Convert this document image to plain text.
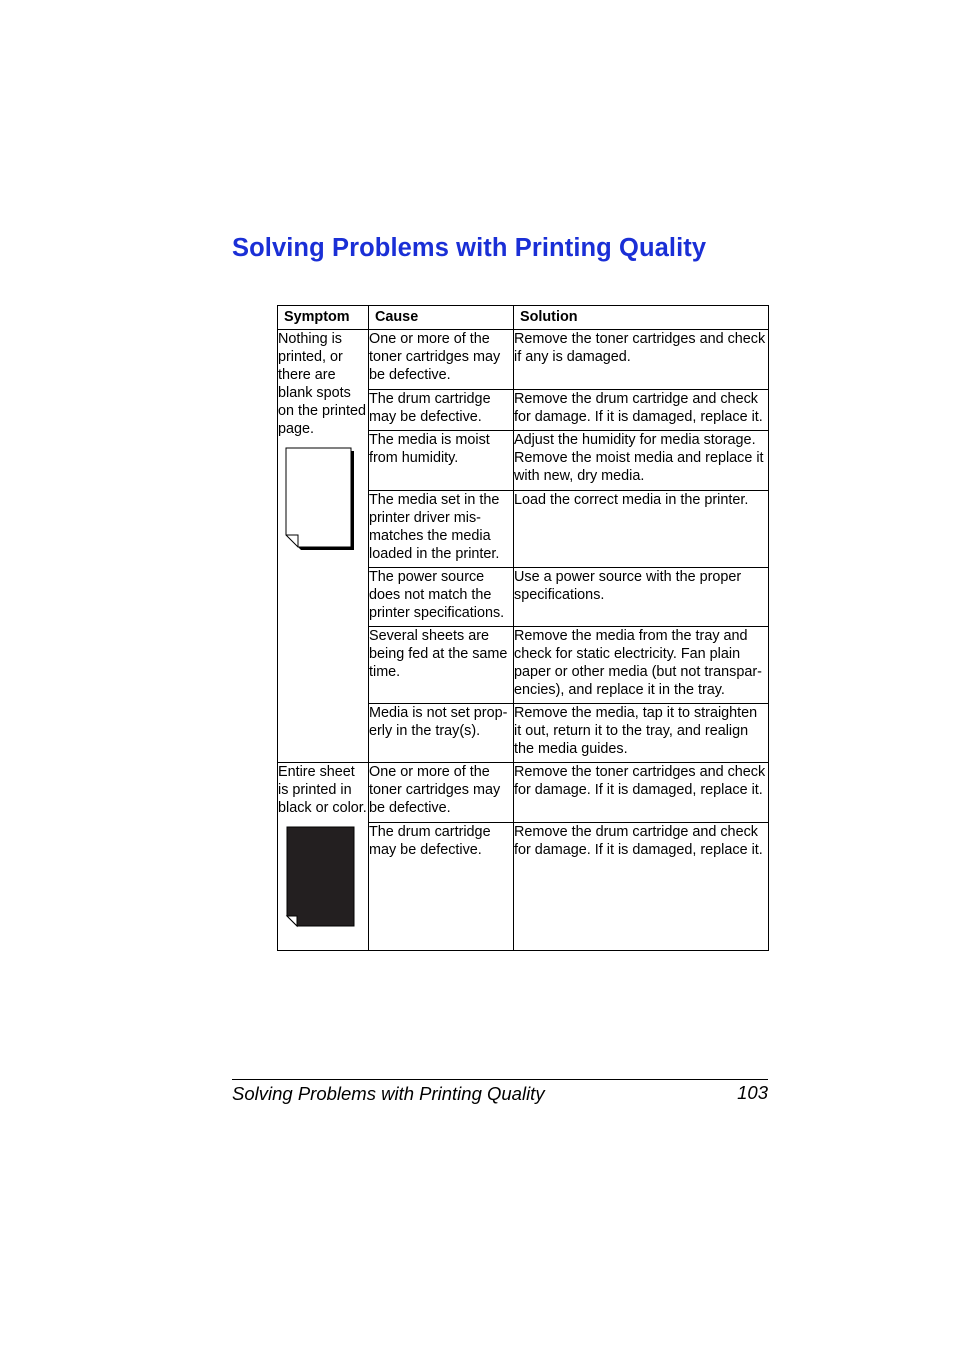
Solving Problems with Printing Quality
Symptom	Cause	Solution
Nothing is printed, or there are blank spots on the printed page.	One or more of the toner cartridges may be defective.	Remove the toner cartridges and check if any is damaged.
	The drum cartridge may be defective.	Remove the drum cartridge and check for damage. If it is damaged, replace it.
	The media is moist from humidity.	Adjust the humidity for media storage. Remove the moist media and replace it with new, dry media.
	The media set in the printer driver mis-matches the media loaded in the printer.	Load the correct media in the printer.
	The power source does not match the printer specifications.	Use a power source with the proper specifications.
	Several sheets are being fed at the same time.	Remove the media from the tray and check for static electricity. Fan plain paper or other media (but not transpar-encies), and replace it in the tray.
	Media is not set prop-erly in the tray(s).	Remove the media, tap it to straighten it out, return it to the tray, and realign the media guides.
Entire sheet is printed in black or color.	One or more of the toner cartridges may be defective.	Remove the toner cartridges and check for damage. If it is damaged, replace it.
	The drum cartridge may be defective.	Remove the drum cartridge and check for damage. If it is damaged, replace it.
Solving Problems with Printing Quality	103
